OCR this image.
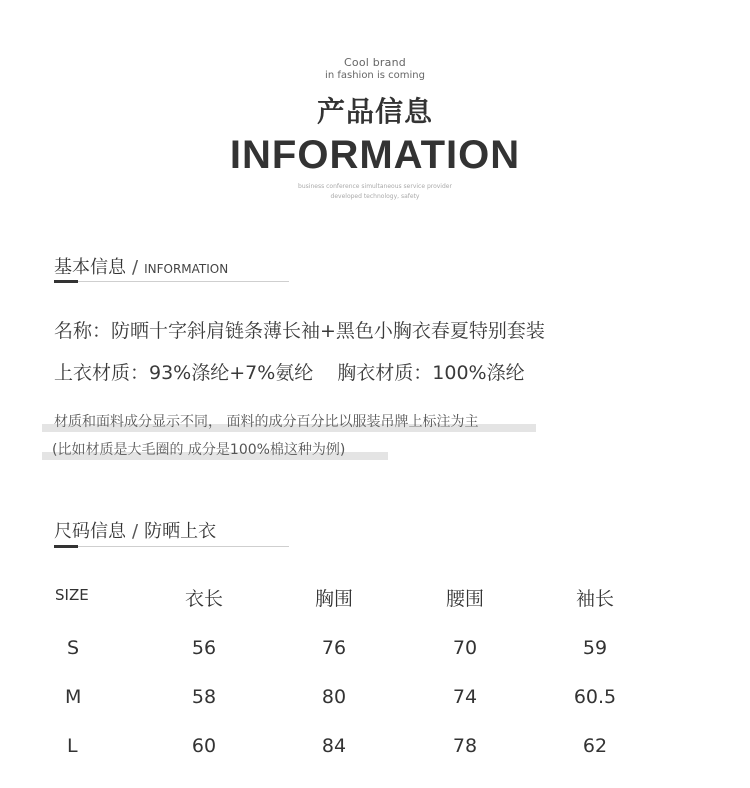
Cool brand
in fashion is coming
产品信息
INFORMATION
business conference simultaneous service provider
developed technology, safety
基本信息 / INFORMATION
名称：防晒十字斜肩链条薄长袖+黑色小胸衣春夏特别套装
上衣材质：93%涤纶+7%氨纶 胸衣材质：100%涤纶
材质和面料成分显示不同， 面料的成分百分比以服装吊牌上标注为主
(比如材质是大毛圈的 成分是100%棉这种为例)
尺码信息 / 防晒上衣
SIZE	衣长	胸围	腰围	袖长
S	56	76	70	59
M	58	80	74	60.5
L	60	84	78	62
